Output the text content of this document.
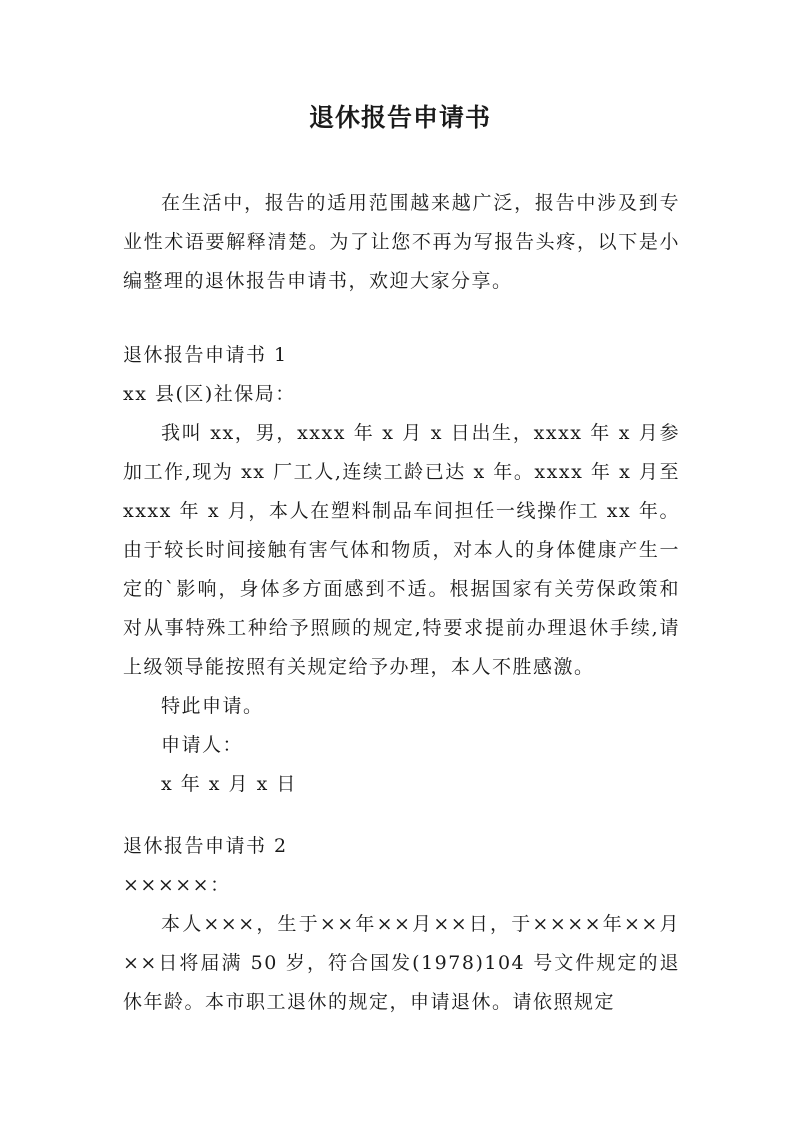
退休报告申请书

在生活中，报告的适用范围越来越广泛，报告中涉及到专业性术语要解释清楚。为了让您不再为写报告头疼，以下是小编整理的退休报告申请书，欢迎大家分享。

退休报告申请书 1

xx 县(区)社保局：

我叫 xx，男，xxxx 年 x 月 x 日出生，xxxx 年 x 月参加工作,现为 xx 厂工人,连续工龄已达 x 年。xxxx 年 x 月至 xxxx 年 x 月，本人在塑料制品车间担任一线操作工 xx 年。由于较长时间接触有害气体和物质，对本人的身体健康产生一定的`影响，身体多方面感到不适。根据国家有关劳保政策和对从事特殊工种给予照顾的规定,特要求提前办理退休手续,请上级领导能按照有关规定给予办理，本人不胜感激。

特此申请。

申请人：

x 年 x 月 x 日

退休报告申请书 2

×××××：

本人×××，生于××年××月××日，于××××年××月××日将届满 50 岁，符合国发(1978)104 号文件规定的退休年龄。本市职工退休的规定，申请退休。请依照规定
